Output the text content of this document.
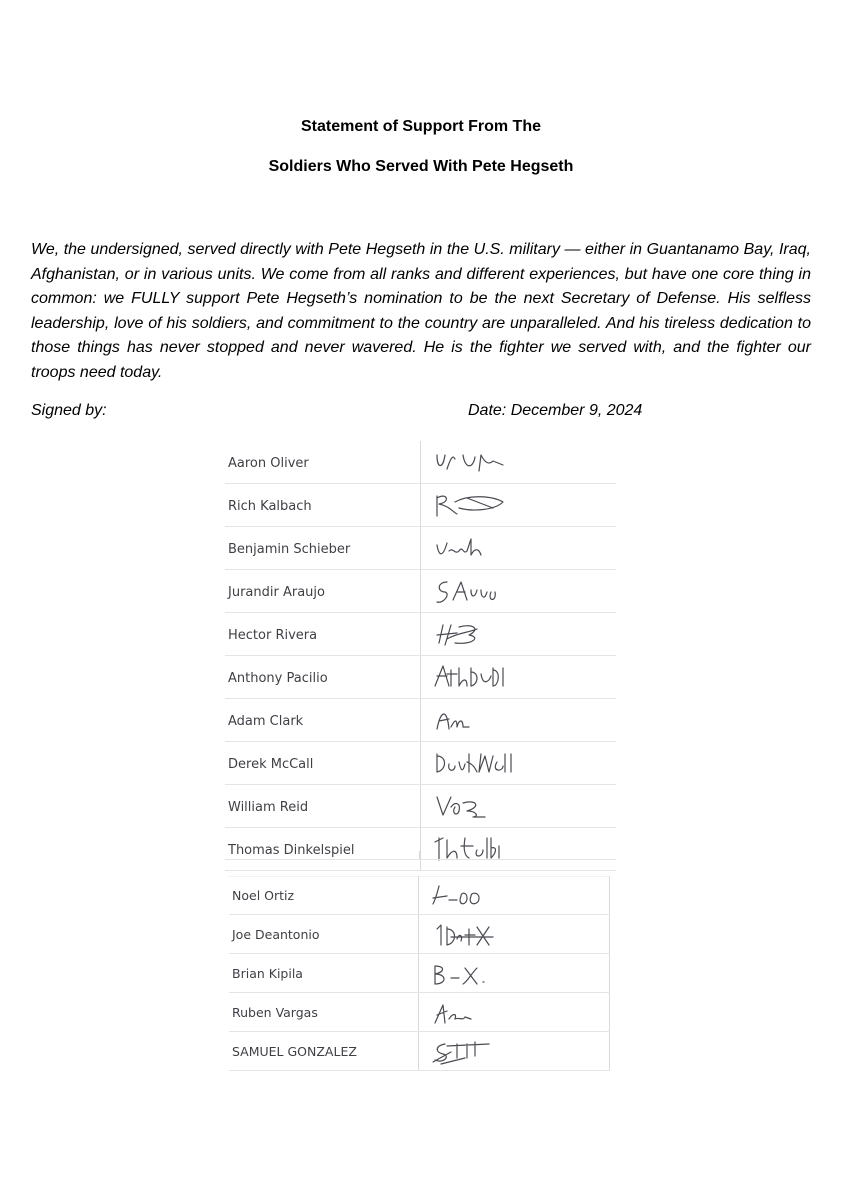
Statement of Support From The
Soldiers Who Served With Pete Hegseth

We, the undersigned, served directly with Pete Hegseth in the U.S. military — either in Guantanamo Bay, Iraq, Afghanistan, or in various units. We come from all ranks and different experiences, but have one core thing in common: we FULLY support Pete Hegseth’s nomination to be the next Secretary of Defense. His selfless leadership, love of his soldiers, and commitment to the country are unparalleled. And his tireless dedication to those things has never stopped and never wavered. He is the fighter we served with, and the fighter our troops need today.

Signed by:	Date: December 9, 2024
Aaron Oliver	

Rich Kalbach	

Benjamin Schieber	

Jurandir Araujo	

Hector Rivera	

Anthony Pacilio	

Adam Clark	

Derek McCall	

William Reid	

Thomas Dinkelspiel	
Noel Ortiz	

Joe Deantonio	

Brian Kipila	

Ruben Vargas	

SAMUEL GONZALEZ	
